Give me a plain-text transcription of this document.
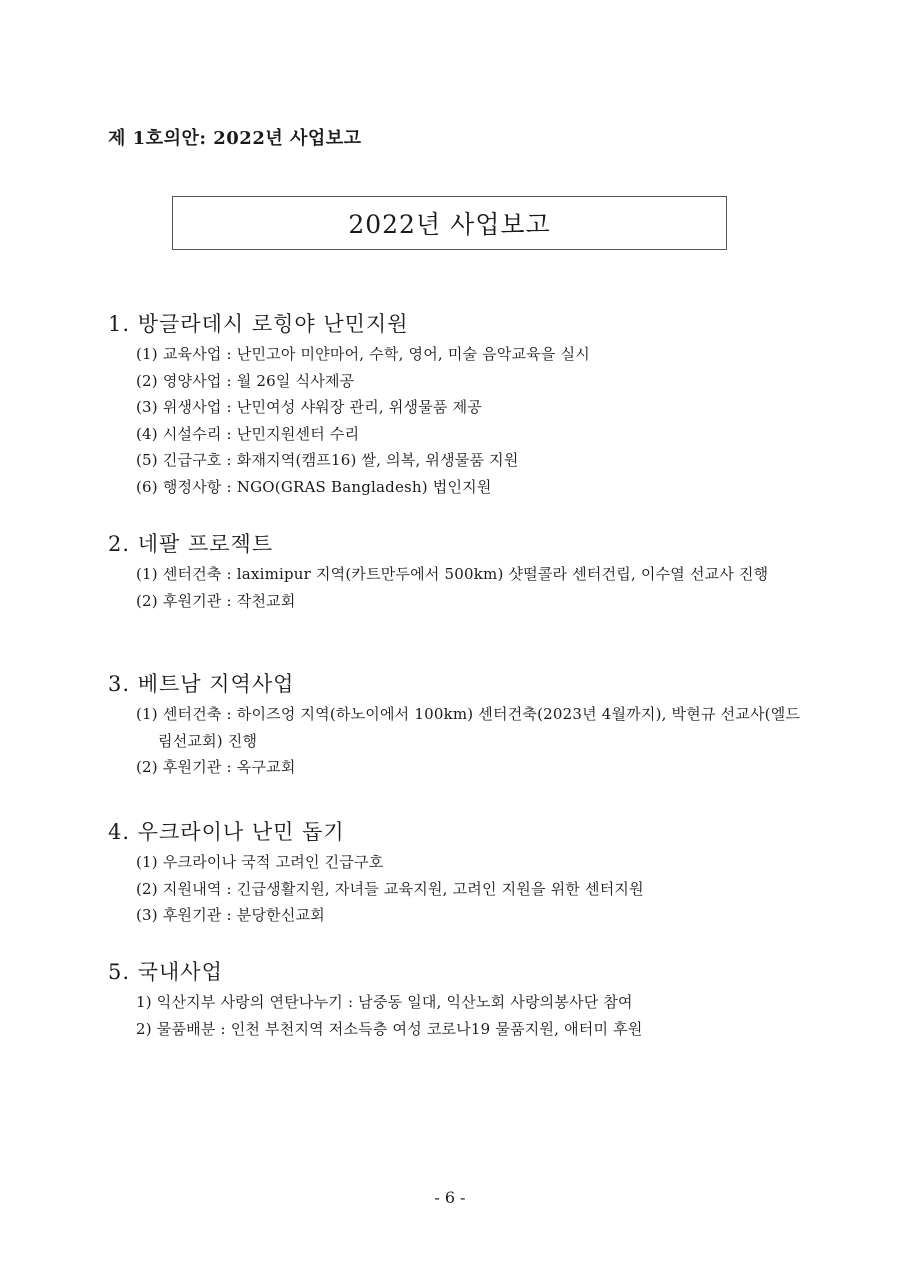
제 1호의안: 2022년 사업보고
2022년 사업보고
1. 방글라데시 로힝야 난민지원
(1) 교육사업 : 난민고아 미얀마어, 수학, 영어, 미술 음악교육을 실시
(2) 영양사업 : 월 26일 식사제공
(3) 위생사업 : 난민여성 샤워장 관리, 위생물품 제공
(4) 시설수리 : 난민지원센터 수리
(5) 긴급구호 : 화재지역(캠프16) 쌀, 의복, 위생물품 지원
(6) 행정사항 : NGO(GRAS Bangladesh) 법인지원
2. 네팔 프로젝트
(1) 센터건축 : laximipur 지역(카트만두에서 500km) 샷떨콜라 센터건립, 이수열 선교사 진행
(2) 후원기관 : 작천교회
3. 베트남 지역사업
(1) 센터건축 : 하이즈엉 지역(하노이에서 100km) 센터건축(2023년 4월까지), 박현규 선교사(엘드림선교회) 진행
(2) 후원기관 : 옥구교회
4. 우크라이나 난민 돕기
(1) 우크라이나 국적 고려인 긴급구호
(2) 지원내역 : 긴급생활지원, 자녀들 교육지원, 고려인 지원을 위한 센터지원
(3) 후원기관 : 분당한신교회
5. 국내사업
1) 익산지부 사랑의 연탄나누기 : 남중동 일대, 익산노회 사랑의봉사단 참여
2) 물품배분 : 인천 부천지역 저소득층 여성 코로나19 물품지원, 애터미 후원
- 6 -
